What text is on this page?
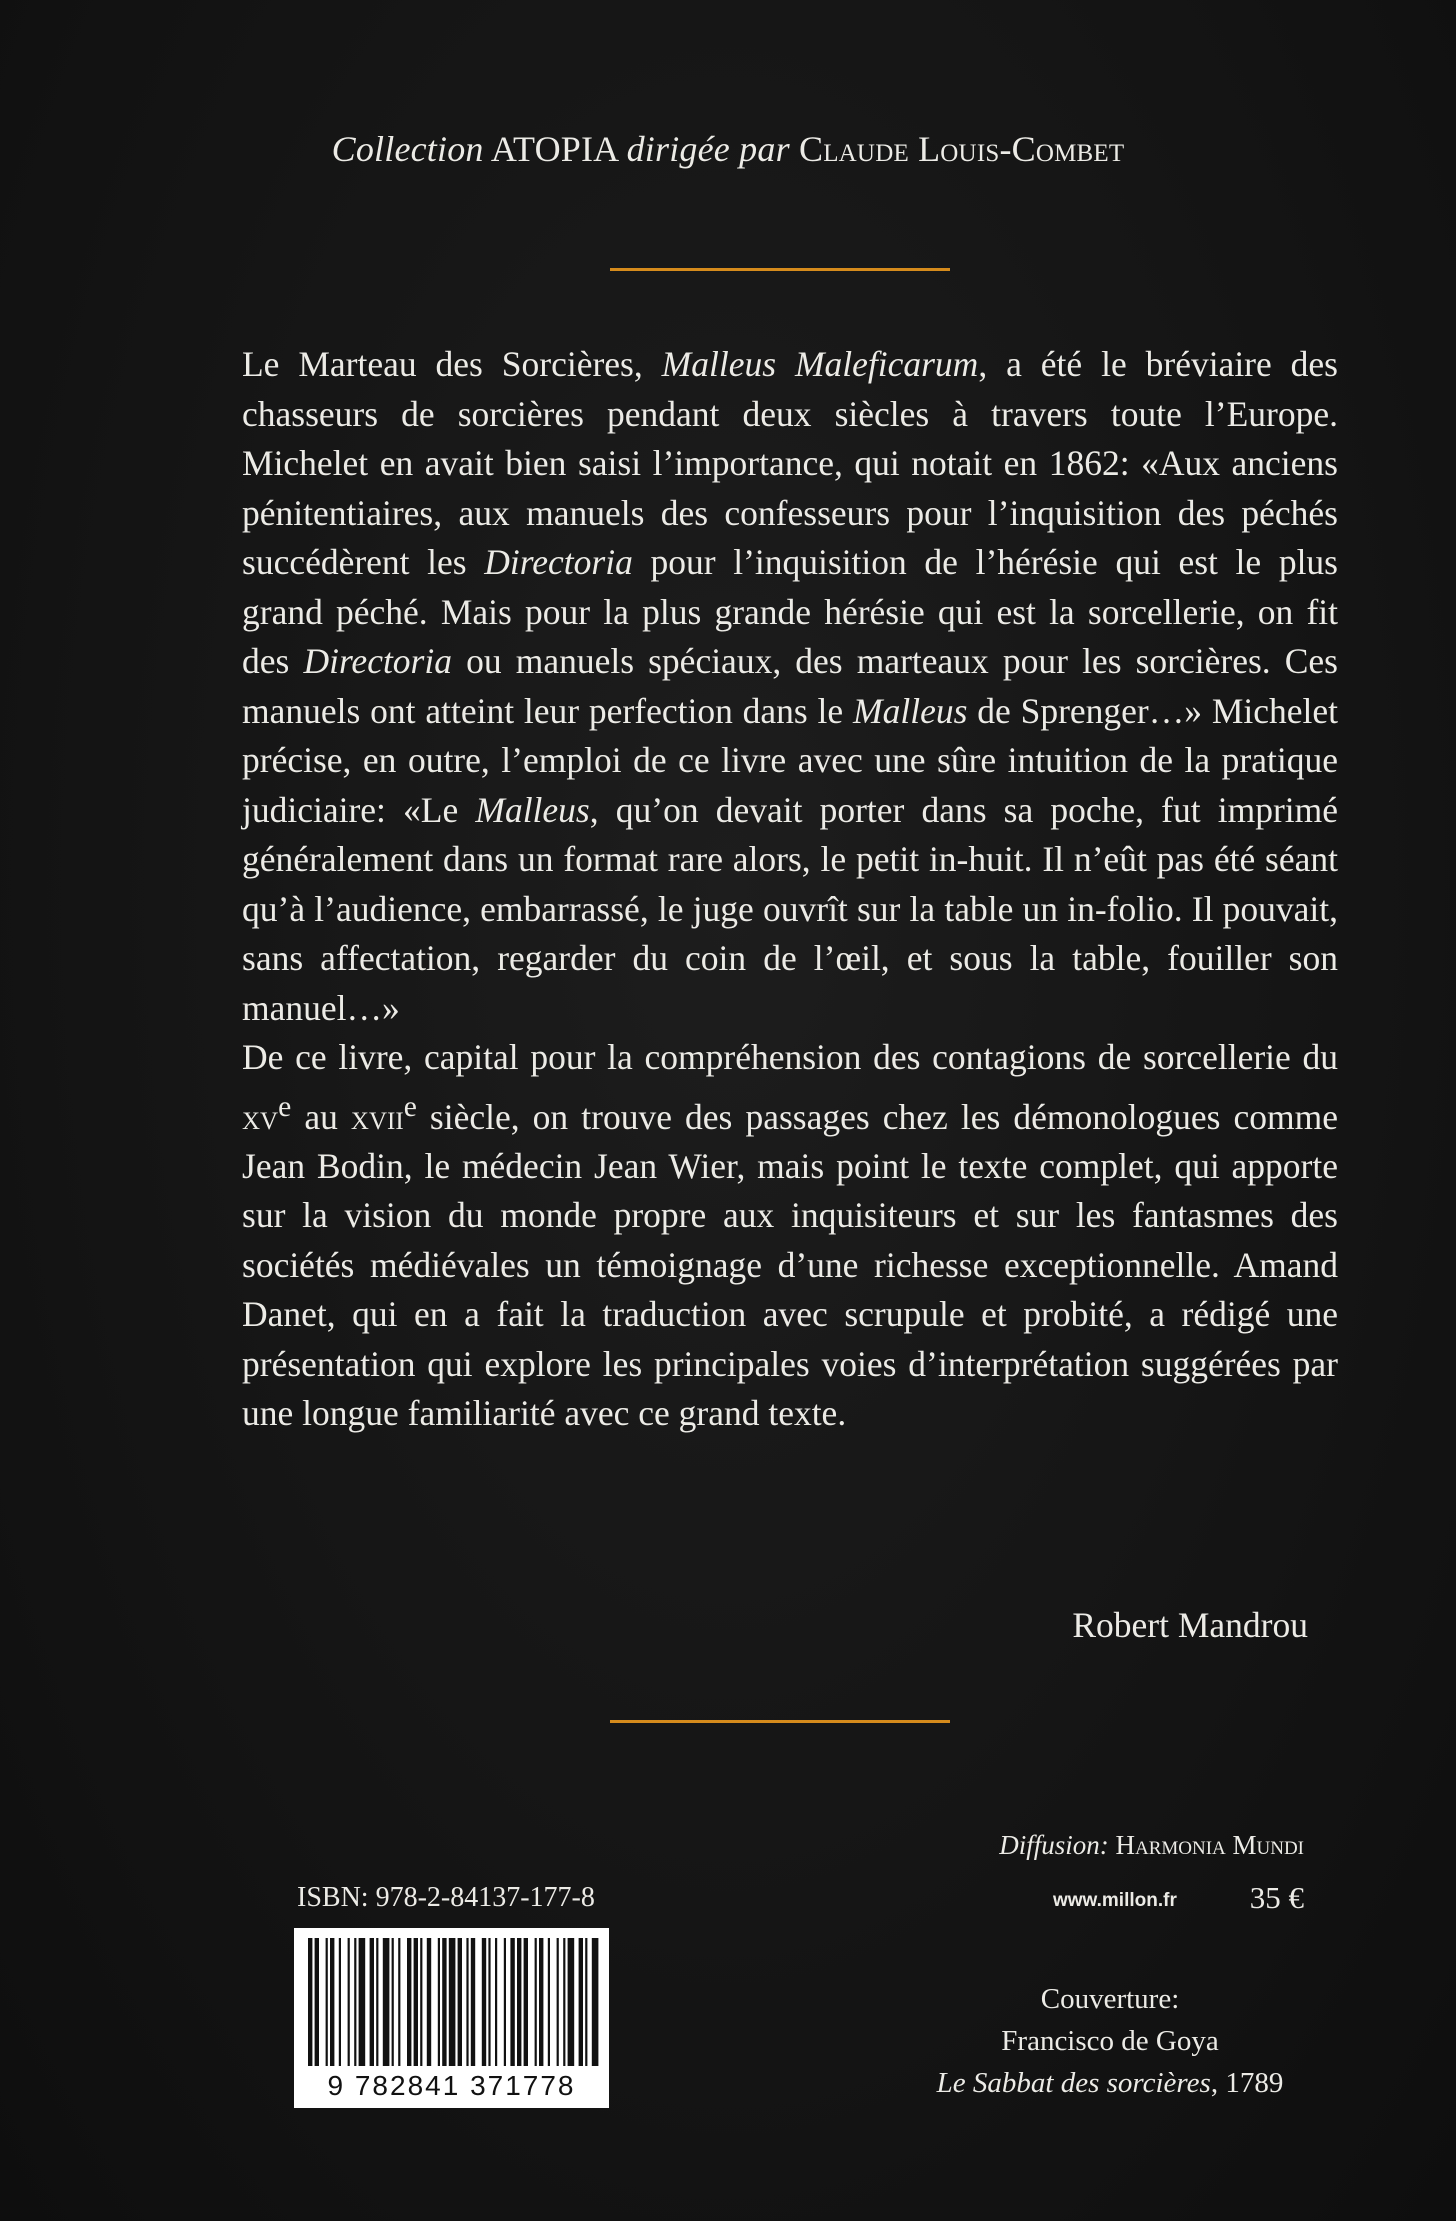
Collection ATOPIA dirigée par Claude Louis-Combet

Le Marteau des Sorcières, Malleus Maleficarum, a été le bréviaire des chasseurs de sorcières pendant deux siècles à travers toute l’Europe. Michelet en avait bien saisi l’importance, qui notait en 1862: «Aux anciens pénitentiaires, aux manuels des confesseurs pour l’inquisition des péchés succédèrent les Directoria pour l’inquisition de l’hérésie qui est le plus grand péché. Mais pour la plus grande hérésie qui est la sorcellerie, on fit des Directoria ou manuels spéciaux, des marteaux pour les sorcières. Ces manuels ont atteint leur perfection dans le Malleus de Sprenger…» Michelet précise, en outre, l’emploi de ce livre avec une sûre intuition de la pratique judiciaire: «Le Malleus, qu’on devait porter dans sa poche, fut imprimé généralement dans un format rare alors, le petit in-huit. Il n’eût pas été séant qu’à l’audience, embarrassé, le juge ouvrît sur la table un in-folio. Il pouvait, sans affectation, regarder du coin de l’œil, et sous la table, fouiller son manuel…»

De ce livre, capital pour la compréhension des contagions de sorcellerie du $xv^e$ au xvii$^e$ siècle, on trouve des passages chez les démonologues comme Jean Bodin, le médecin Jean Wier, mais point le texte complet, qui apporte sur la vision du monde propre aux inquisiteurs et sur les fantasmes des sociétés médiévales un témoignage d’une richesse exceptionnelle. Amand Danet, qui en a fait la traduction avec scrupule et probité, a rédigé une présentation qui explore les principales voies d’interprétation suggérées par une longue familiarité avec ce grand texte.

Robert Mandrou
Diffusion: Harmonia Mundi
www.millon.fr 35 €
Couverture:
Francisco de Goya
Le Sabbat des sorcières, 1789
ISBN: 978-2-84137-177-8
9 782841 371778
